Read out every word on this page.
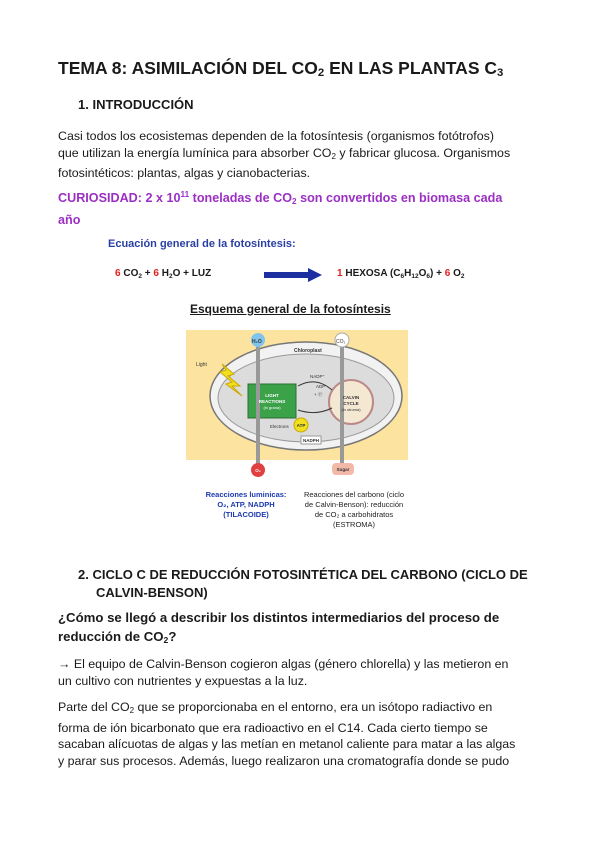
TEMA 8: ASIMILACIÓN DEL $CO_2$ EN LAS PLANTAS $C_3$
1. INTRODUCCIÓN
Casi todos los ecosistemas dependen de la fotosíntesis (organismos fotótrofos)
que utilizan la energía lumínica para absorber $CO_2$ y fabricar glucosa. Organismos
fotosintéticos: plantas, algas y cianobacterias.
CURIOSIDAD: 2 x $10^{11}$ toneladas de $CO_2$ son convertidos en biomasa cada
año
Ecuación general de la fotosíntesis:
6 $CO_2 + 6$ $H_2O$ + LUZ	1 HEXOSA $(C_6H_{12}O_6) + 6$ $O_2$
Esquema general de la fotosíntesis
H₂O	CO₂
Light
Chloroplast
NADP⁺
ADP
+ Ⓟ
LIGHT
REACTIONS
(in grana)
CALVIN
CYCLE
(in stroma)
ATP
NADPH
Electrons
O₂	Sugar
Reacciones luminicas:
O₂, ATP, NADPH
(TILACOIDE)
Reacciones del carbono (ciclo
de Calvin-Benson): reducción
de CO₂ a carbohidratos
(ESTROMA)
2. CICLO C DE REDUCCIÓN FOTOSINTÉTICA DEL CARBONO (CICLO DE
CALVIN-BENSON)
¿Cómo se llegó a describir los distintos intermediarios del proceso de
reducción de $CO_2$?
→ El equipo de Calvin-Benson cogieron algas (género chlorella) y las metieron en
un cultivo con nutrientes y expuestas a la luz.
Parte del $CO_2$ que se proporcionaba en el entorno, era un isótopo radiactivo en
forma de ión bicarbonato que era radioactivo en el C14. Cada cierto tiempo se
sacaban alícuotas de algas y las metían en metanol caliente para matar a las algas
y parar sus procesos. Además, luego realizaron una cromatografía donde se pudo
